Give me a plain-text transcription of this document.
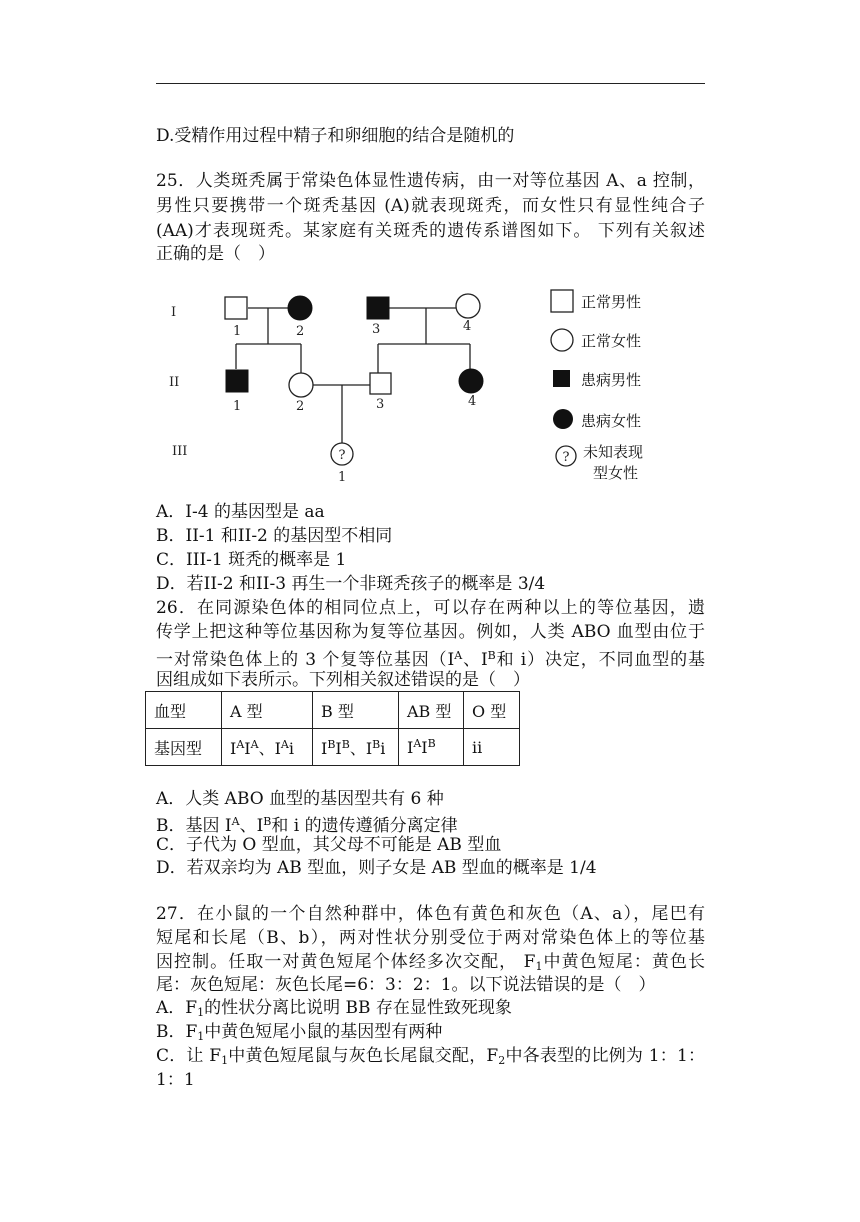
D.受精作用过程中精子和卵细胞的结合是随机的
25．人类斑秃属于常染色体显性遗传病，由一对等位基因 A、a 控制，
男性只要携带一个斑秃基因 (A)就表现斑秃，而女性只有显性纯合子
(AA)才表现斑秃。某家庭有关斑秃的遗传系谱图如下。 下列有关叙述
正确的是（　）
?
I
II
III
1	2	3	4
1	2	3	4
1
正常男性
正常女性
患病男性
患病女性
? 未知表现
型女性
A．I-4 的基因型是 aa
B．II-1 和II-2 的基因型不相同
C．III-1 斑秃的概率是 1
D．若II-2 和II-3 再生一个非斑秃孩子的概率是 3/4
26．在同源染色体的相同位点上，可以存在两种以上的等位基因，遗
传学上把这种等位基因称为复等位基因。例如，人类 ABO 血型由位于
一对常染色体上的 3 个复等位基因（$I^A$、$I^B$和 i）决定，不同血型的基
因组成如下表所示。下列相关叙述错误的是（　）
血型	A 型	B 型	AB 型	O 型
基因型	$I^AI^A$、$I^Ai$	$I^BI^B$、$I^Bi$	$I^AI^B$	ii
A．人类 ABO 血型的基因型共有 6 种
B．基因 $I^A$、$I^B$和 i 的遗传遵循分离定律
C．子代为 O 型血，其父母不可能是 AB 型血
D．若双亲均为 AB 型血，则子女是 AB 型血的概率是 1/4
27．在小鼠的一个自然种群中，体色有黄色和灰色（A、a），尾巴有
短尾和长尾（B、b），两对性状分别受位于两对常染色体上的等位基
因控制。任取一对黄色短尾个体经多次交配， $F_1$中黄色短尾：黄色长
尾：灰色短尾：灰色长尾=6：3：2：1。以下说法错误的是（　）
A．$F_1$的性状分离比说明 BB 存在显性致死现象
B．$F_1$中黄色短尾小鼠的基因型有两种
C．让 $F_1$中黄色短尾鼠与灰色长尾鼠交配，$F_2$中各表型的比例为 1：1：
1：1
